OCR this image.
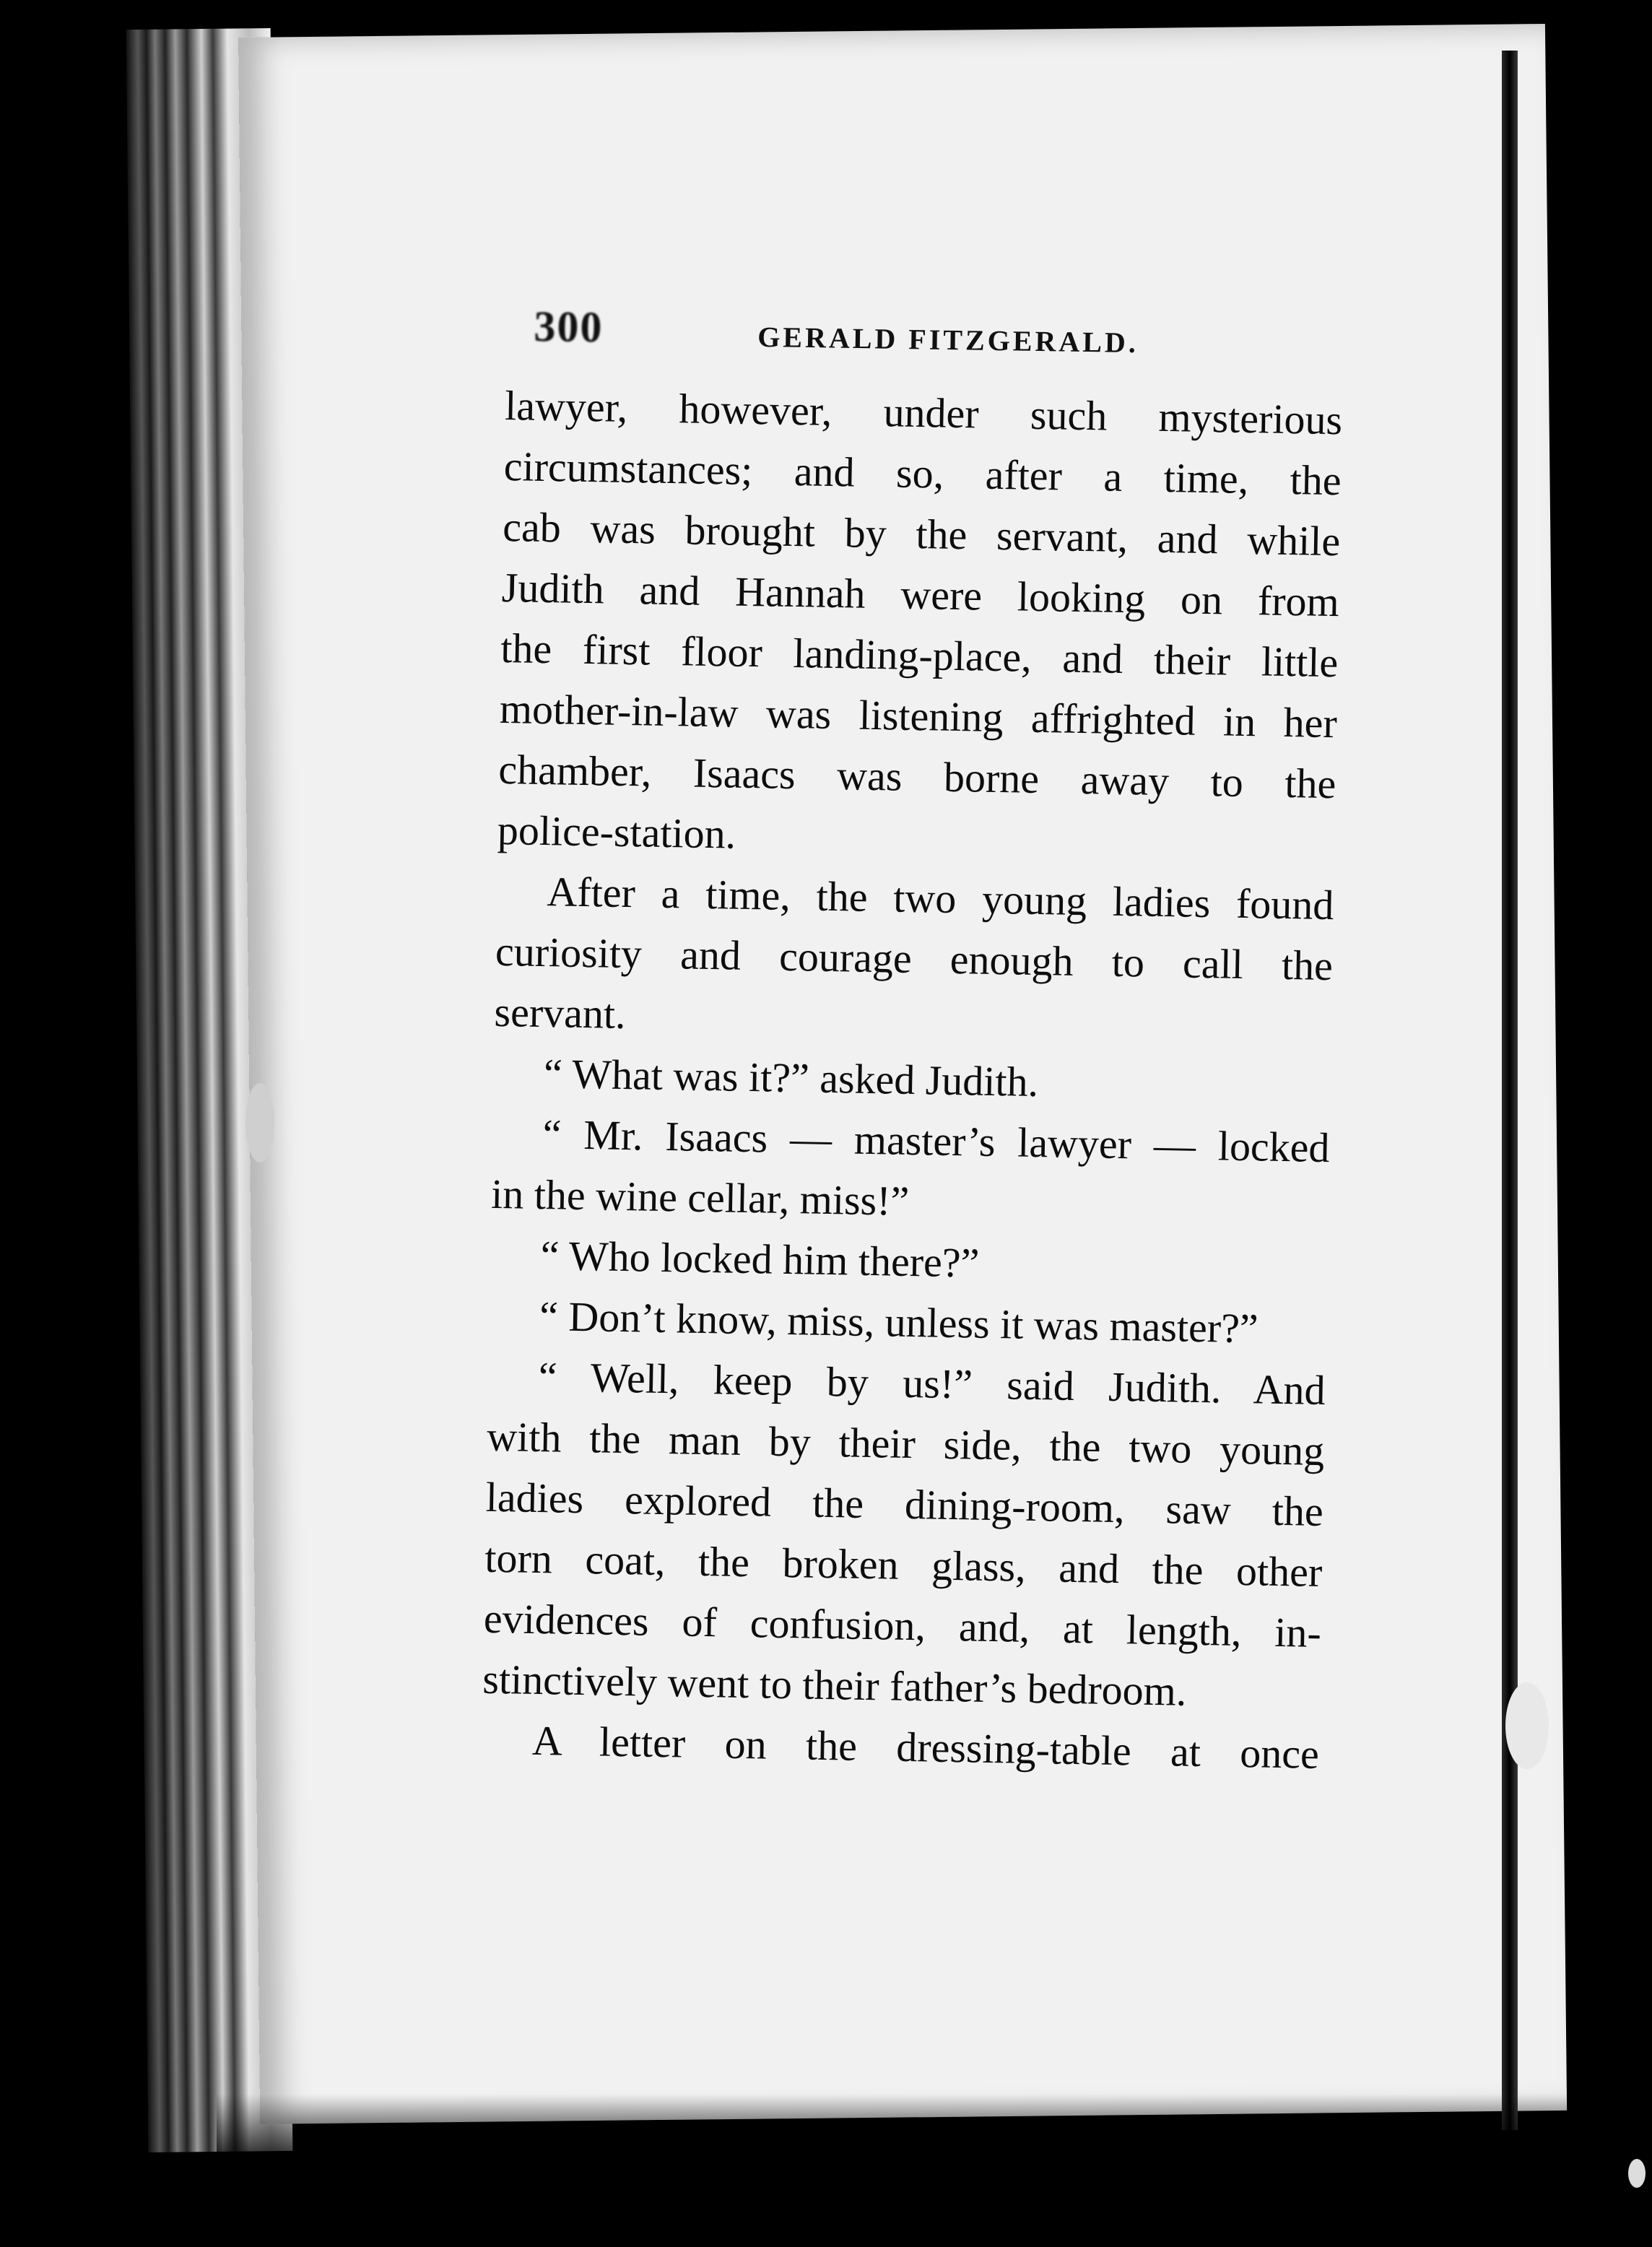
300	GERALD FITZGERALD.
lawyer, however, under such mysterious
circumstances; and so, after a time, the
cab was brought by the servant, and while
Judith and Hannah were looking on from
the first floor landing-place, and their little
mother-in-law was listening affrighted in her
chamber, Isaacs was borne away to the
police-station.
After a time, the two young ladies found
curiosity and courage enough to call the
servant.
“ What was it?” asked Judith.
“ Mr. Isaacs — master’s lawyer — locked
in the wine cellar, miss!”
“ Who locked him there?”
“ Don’t know, miss, unless it was master?”
“ Well, keep by us!” said Judith. And
with the man by their side, the two young
ladies explored the dining-room, saw the
torn coat, the broken glass, and the other
evidences of confusion, and, at length, in-
stinctively went to their father’s bedroom.
A letter on the dressing-table at once
